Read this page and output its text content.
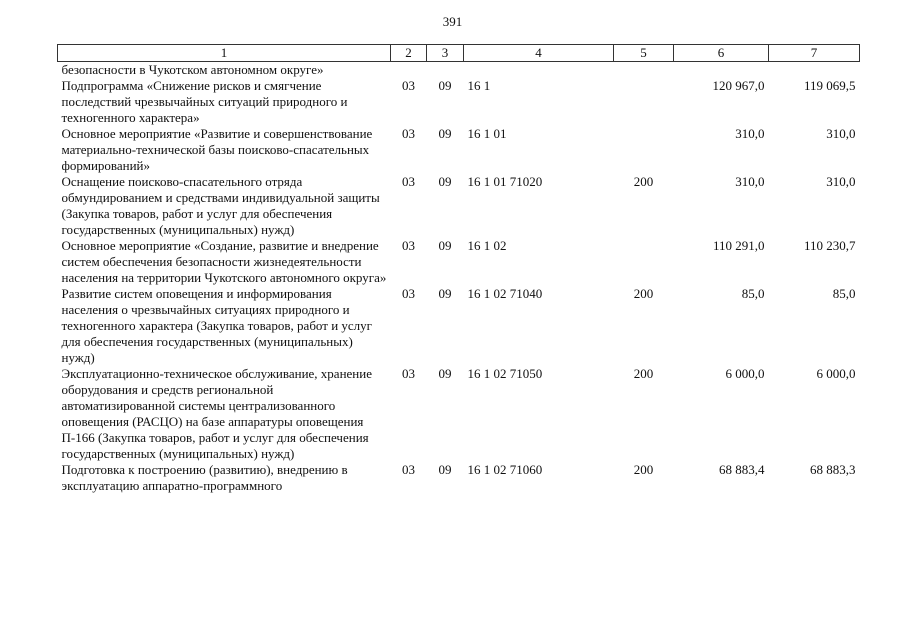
391
1	2	3	4	5	6	7
безопасности в Чукотском автономном округе»						
Подпрограмма «Снижение рисков и смягчение последствий чрезвычайных ситуаций природного и техногенного характера»	03	09	16 1		120 967,0	119 069,5
Основное мероприятие «Развитие и совершенствование материально-технической базы поисково-спасательных формирований»	03	09	16 1 01		310,0	310,0
Оснащение поисково-спасательного отряда обмундированием и средствами индивидуальной защиты (Закупка товаров, работ и услуг для обеспечения государственных (муниципальных) нужд)	03	09	16 1 01 71020	200	310,0	310,0
Основное мероприятие «Создание, развитие и внедрение систем обеспечения безопасности жизнедеятельности населения на территории Чукотского автономного округа»	03	09	16 1 02		110 291,0	110 230,7
Развитие систем оповещения и информирования населения о чрезвычайных ситуациях природного и техногенного характера (Закупка товаров, работ и услуг для обеспечения государственных (муниципальных) нужд)	03	09	16 1 02 71040	200	85,0	85,0
Эксплуатационно-техническое обслуживание, хранение оборудования и средств региональной автоматизированной системы централизованного оповещения (РАСЦО) на базе аппаратуры оповещения П-166 (Закупка товаров, работ и услуг для обеспечения государственных (муниципальных) нужд)	03	09	16 1 02 71050	200	6 000,0	6 000,0
Подготовка к построению (развитию), внедрению в эксплуатацию аппаратно-программного	03	09	16 1 02 71060	200	68 883,4	68 883,3
